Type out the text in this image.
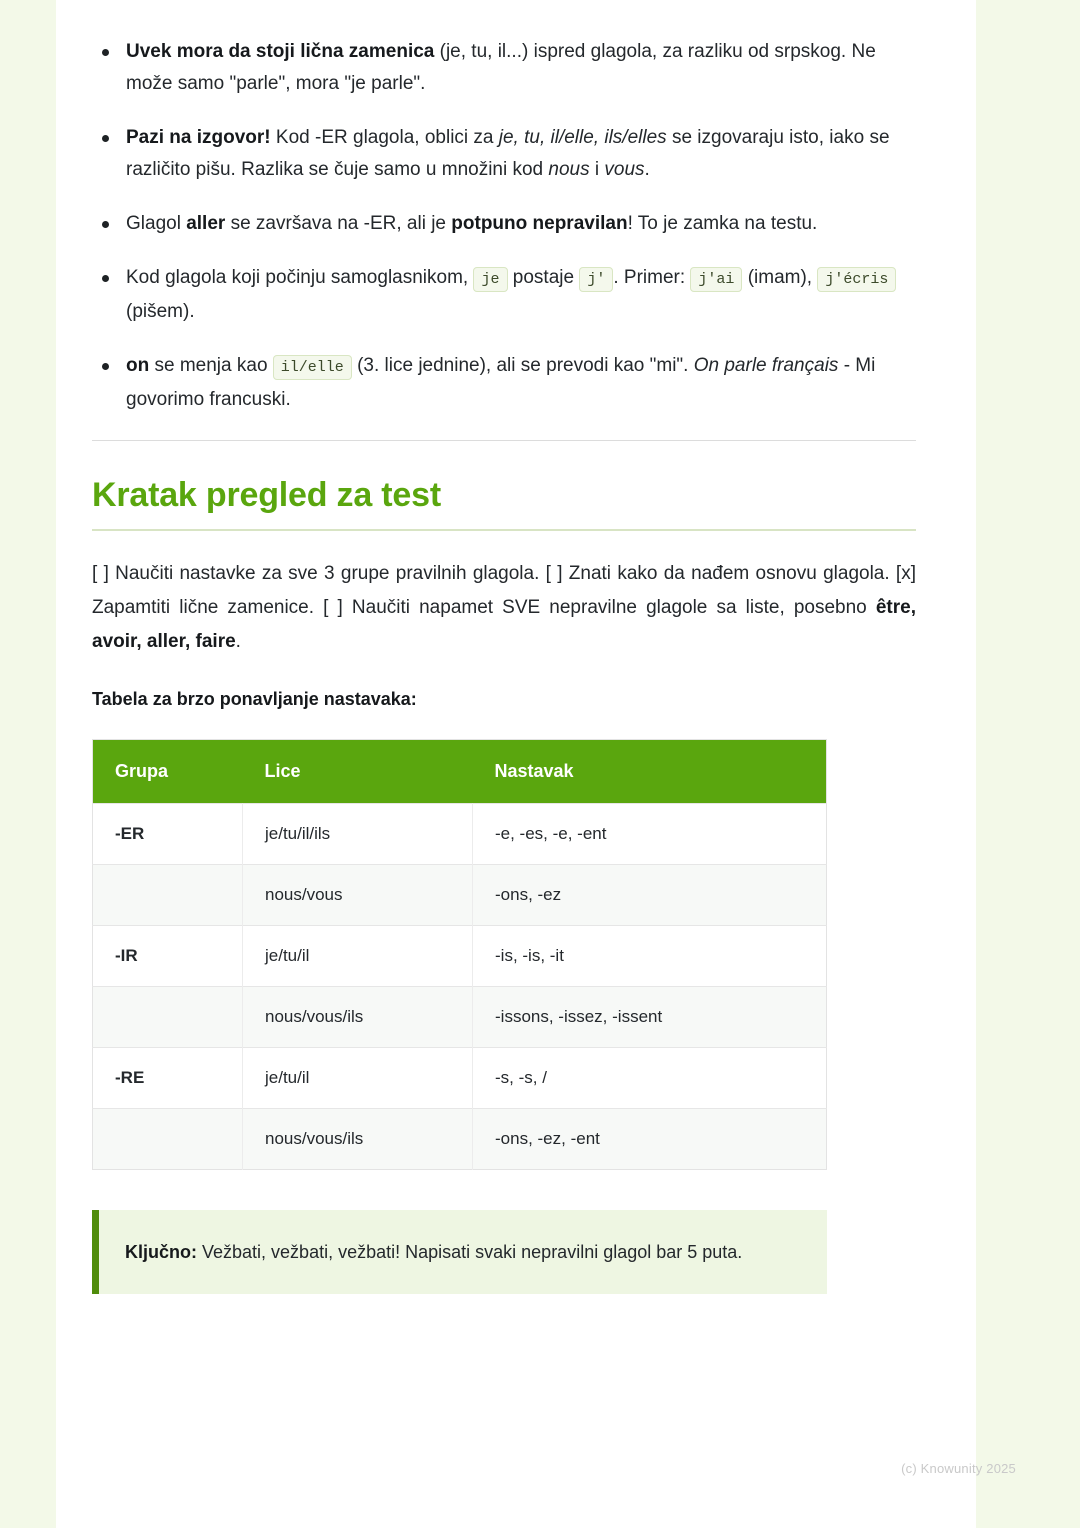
Uvek mora da stoji lična zamenica (je, tu, il...) ispred glagola, za razliku od srpskog. Ne može samo "parle", mora "je parle".
Pazi na izgovor! Kod -ER glagola, oblici za je, tu, il/elle, ils/elles se izgovaraju isto, iako se različito pišu. Razlika se čuje samo u množini kod nous i vous.
Glagol aller se završava na -ER, ali je potpuno nepravilan! To je zamka na testu.
Kod glagola koji počinju samoglasnikom, je postaje j' . Primer: j'ai (imam), j'écris (pišem).
on se menja kao il/elle (3. lice jednine), ali se prevodi kao "mi". On parle français - Mi govorimo francuski.
Kratak pregled za test

[ ] Naučiti nastavke za sve 3 grupe pravilnih glagola. [ ] Znati kako da nađem osnovu glagola. [x] Zapamtiti lične zamenice. [ ] Naučiti napamet SVE nepravilne glagole sa liste, posebno être, avoir, aller, faire.

Tabela za brzo ponavljanje nastavaka:

Grupa	Lice	Nastavak
-ER	je/tu/il/ils	-e, -es, -e, -ent
	nous/vous	-ons, -ez
-IR	je/tu/il	-is, -is, -it
	nous/vous/ils	-issons, -issez, -issent
-RE	je/tu/il	-s, -s, /
	nous/vous/ils	-ons, -ez, -ent
Ključno: Vežbati, vežbati, vežbati! Napisati svaki nepravilni glagol bar 5 puta.
(c) Knowunity 2025
